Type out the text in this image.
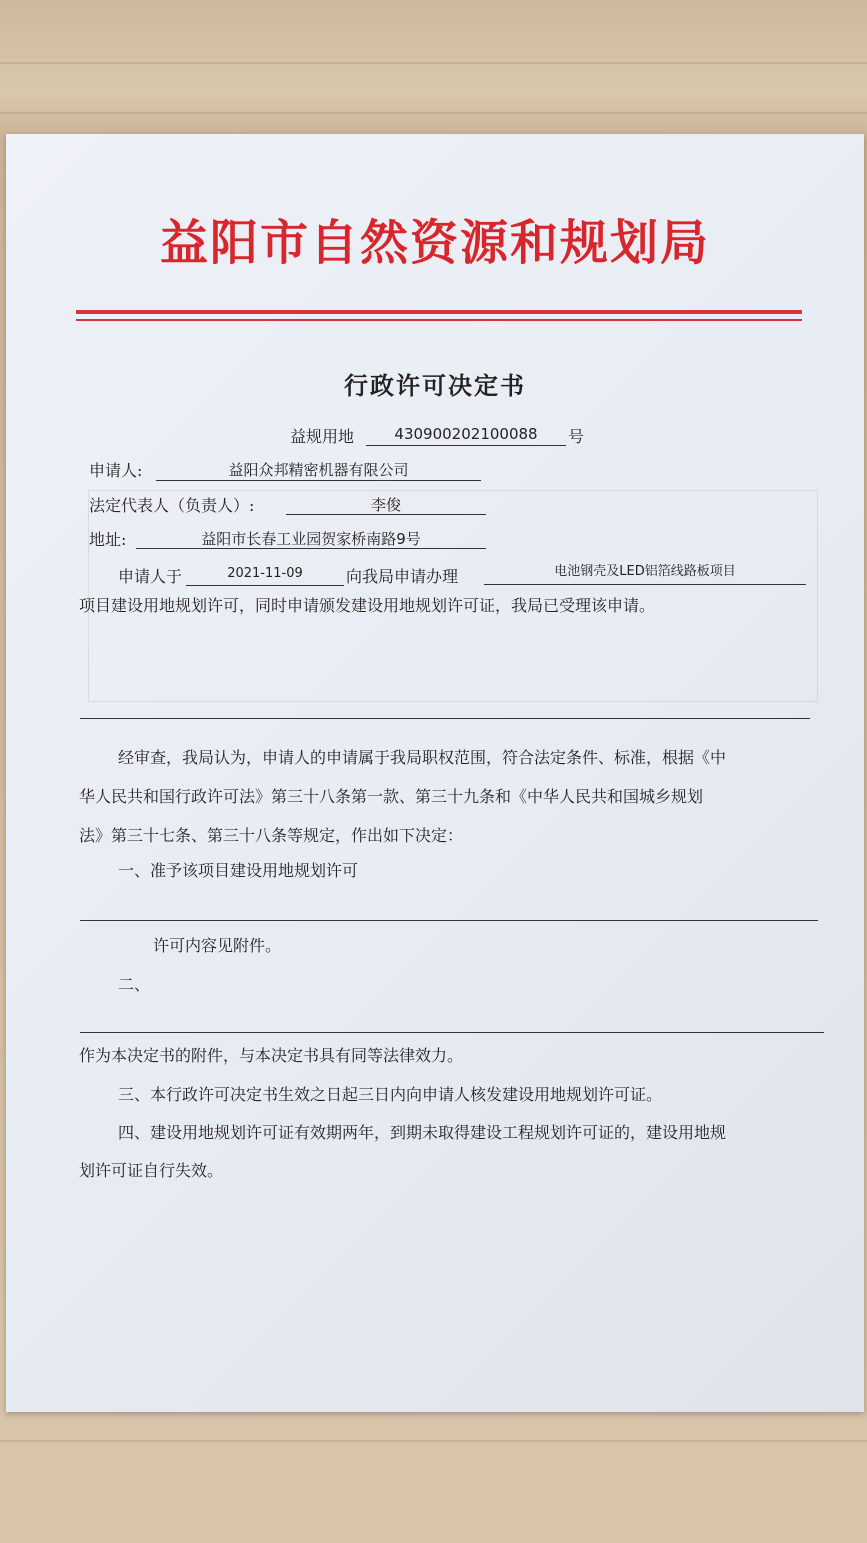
益阳市自然资源和规划局
行政许可决定书
益规用地	430900202100088	号
申请人:	益阳众邦精密机器有限公司
法定代表人（负责人）:	李俊
地址:	益阳市长春工业园贺家桥南路9号
申请人于	2021-11-09	向我局申请办理	电池钢壳及LED铝箔线路板项目
项目建设用地规划许可，同时申请颁发建设用地规划许可证，我局已受理该申请。
经审查，我局认为，申请人的申请属于我局职权范围，符合法定条件、标准，根据《中
华人民共和国行政许可法》第三十八条第一款、第三十九条和《中华人民共和国城乡规划
法》第三十七条、第三十八条等规定，作出如下决定：
一、准予该项目建设用地规划许可
许可内容见附件。
二、
作为本决定书的附件，与本决定书具有同等法律效力。
三、本行政许可决定书生效之日起三日内向申请人核发建设用地规划许可证。
四、建设用地规划许可证有效期两年，到期未取得建设工程规划许可证的，建设用地规
划许可证自行失效。
